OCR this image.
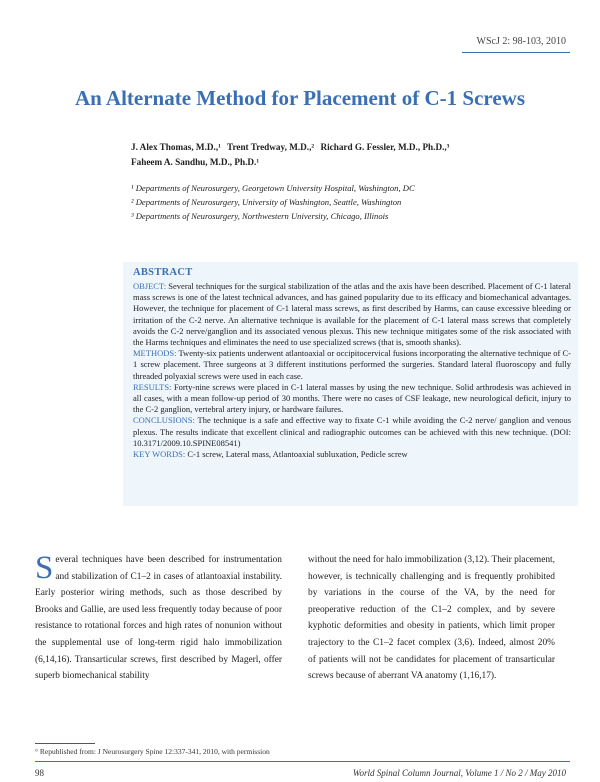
WScJ 2: 98-103, 2010
An Alternate Method for Placement of C-1 Screws
J. Alex Thomas, M.D.,¹ Trent Tredway, M.D.,² Richard G. Fessler, M.D., Ph.D.,³
Faheem A. Sandhu, M.D., Ph.D.¹
¹ Departments of Neurosurgery, Georgetown University Hospital, Washington, DC
² Departments of Neurosurgery, University of Washington, Seattle, Washington
³ Departments of Neurosurgery, Northwestern University, Chicago, Illinois
ABSTRACT

OBJECT: Several techniques for the surgical stabilization of the atlas and the axis have been described. Placement of C-1 lateral mass screws is one of the latest technical advances, and has gained popularity due to its efficacy and biomechanical advantages. However, the technique for placement of C-1 lateral mass screws, as first described by Harms, can cause excessive bleeding or irritation of the C-2 nerve. An alternative technique is available for the placement of C-1 lateral mass screws that completely avoids the C-2 nerve/ganglion and its associated venous plexus. This new technique mitigates some of the risk associated with the Harms techniques and eliminates the need to use specialized screws (that is, smooth shanks).

METHODS: Twenty-six patients underwent atlantoaxial or occipitocervical fusions incorporating the alternative technique of C-1 screw placement. Three surgeons at 3 different institutions performed the surgeries. Standard lateral fluoroscopy and fully threaded polyaxial screws were used in each case.

RESULTS: Forty-nine screws were placed in C-1 lateral masses by using the new technique. Solid arthrodesis was achieved in all cases, with a mean follow-up period of 30 months. There were no cases of CSF leakage, new neurological deficit, injury to the C-2 ganglion, vertebral artery injury, or hardware failures.

CONCLUSIONS: The technique is a safe and effective way to fixate C-1 while avoiding the C-2 nerve/ ganglion and venous plexus. The results indicate that excellent clinical and radiographic outcomes can be achieved with this new technique. (DOI: 10.3171/2009.10.SPINE08541)

KEY WORDS: C-1 screw, Lateral mass, Atlantoaxial subluxation, Pedicle screw

Several techniques have been described for instrumentation and stabilization of C1–2 in cases of atlantoaxial instability. Early posterior wiring methods, such as those described by Brooks and Gallie, are used less frequently today because of poor resistance to rotational forces and high rates of nonunion without the supplemental use of long-term rigid halo immobilization (6,14,16). Transarticular screws, first described by Magerl, offer superb biomechanical stability
without the need for halo immobilization (3,12). Their placement, however, is technically challenging and is frequently prohibited by variations in the course of the VA, by the need for preoperative reduction of the C1–2 complex, and by severe kyphotic deformities and obesity in patients, which limit proper trajectory to the C1–2 facet complex (3,6). Indeed, almost 20% of patients will not be candidates for placement of transarticular screws because of aberrant VA anatomy (1,16,17).
° Republished from: J Neurosurgery Spine 12:337-341, 2010, with permission
98	World Spinal Column Journal, Volume 1 / No 2 / May 2010
